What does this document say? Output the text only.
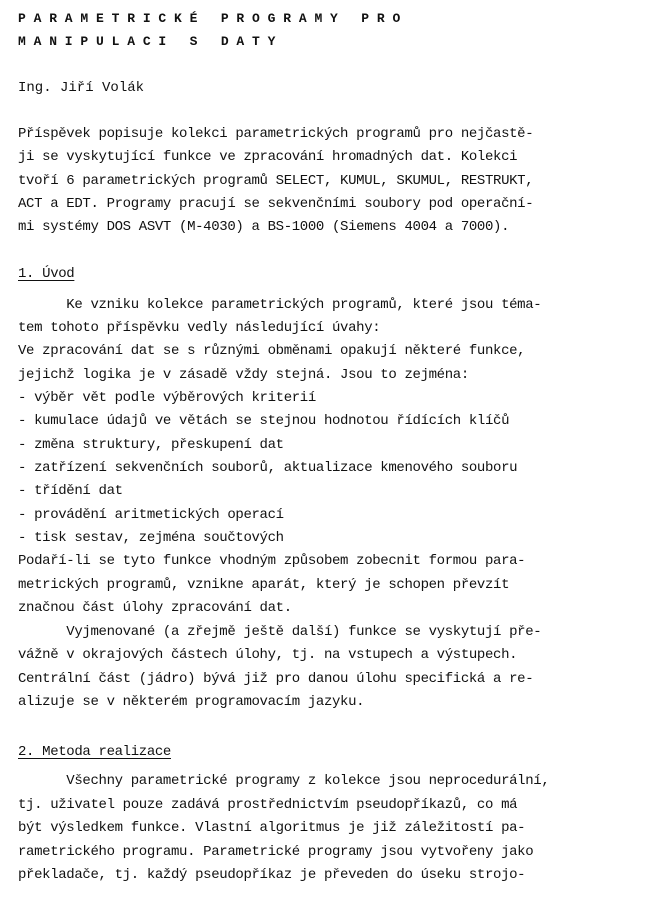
P A R A M E T R I C K É   P R O G R A M Y   P R O
M A N I P U L A C I   S   D A T Y
Ing. Jiří Volák
Příspěvek popisuje kolekci parametrických programů pro nejčastě-
ji se vyskytující funkce ve zpracování hromadných dat. Kolekci
tvoří 6 parametrických programů SELECT, KUMUL, SKUMUL, RESTRUKT,
ACT a EDT. Programy pracují se sekvenčními soubory pod operační-
mi systémy DOS ASVT (M-4030) a BS-1000 (Siemens 4004 a 7000).
1. Úvod
Ke vzniku kolekce parametrických programů, které jsou téma-
tem tohoto příspěvku vedly následující úvahy:
Ve zpracování dat se s různými obměnami opakují některé funkce,
jejichž logika je v zásadě vždy stejná. Jsou to zejména:
- výběr vět podle výběrových kriterií
- kumulace údajů ve větách se stejnou hodnotou řídících klíčů
- změna struktury, přeskupení dat
- zatřízení sekvenčních souborů, aktualizace kmenového souboru
- třídění dat
- provádění aritmetických operací
- tisk sestav, zejména součtových
Podaří-li se tyto funkce vhodným způsobem zobecnit formou para-
metrických programů, vznikne aparát, který je schopen převzít
značnou část úlohy zpracování dat.
Vyjmenované (a zřejmě ještě další) funkce se vyskytují pře-
vážně v okrajových částech úlohy, tj. na vstupech a výstupech.
Centrální část (jádro) bývá již pro danou úlohu specifická a re-
alizuje se v některém programovacím jazyku.
2. Metoda realizace
Všechny parametrické programy z kolekce jsou neprocedurální,
tj. uživatel pouze zadává prostřednictvím pseudopříkazů, co má
být výsledkem funkce. Vlastní algoritmus je již záležitostí pa-
rametrického programu. Parametrické programy jsou vytvořeny jako
překladače, tj. každý pseudopříkaz je převeden do úseku strojo-
